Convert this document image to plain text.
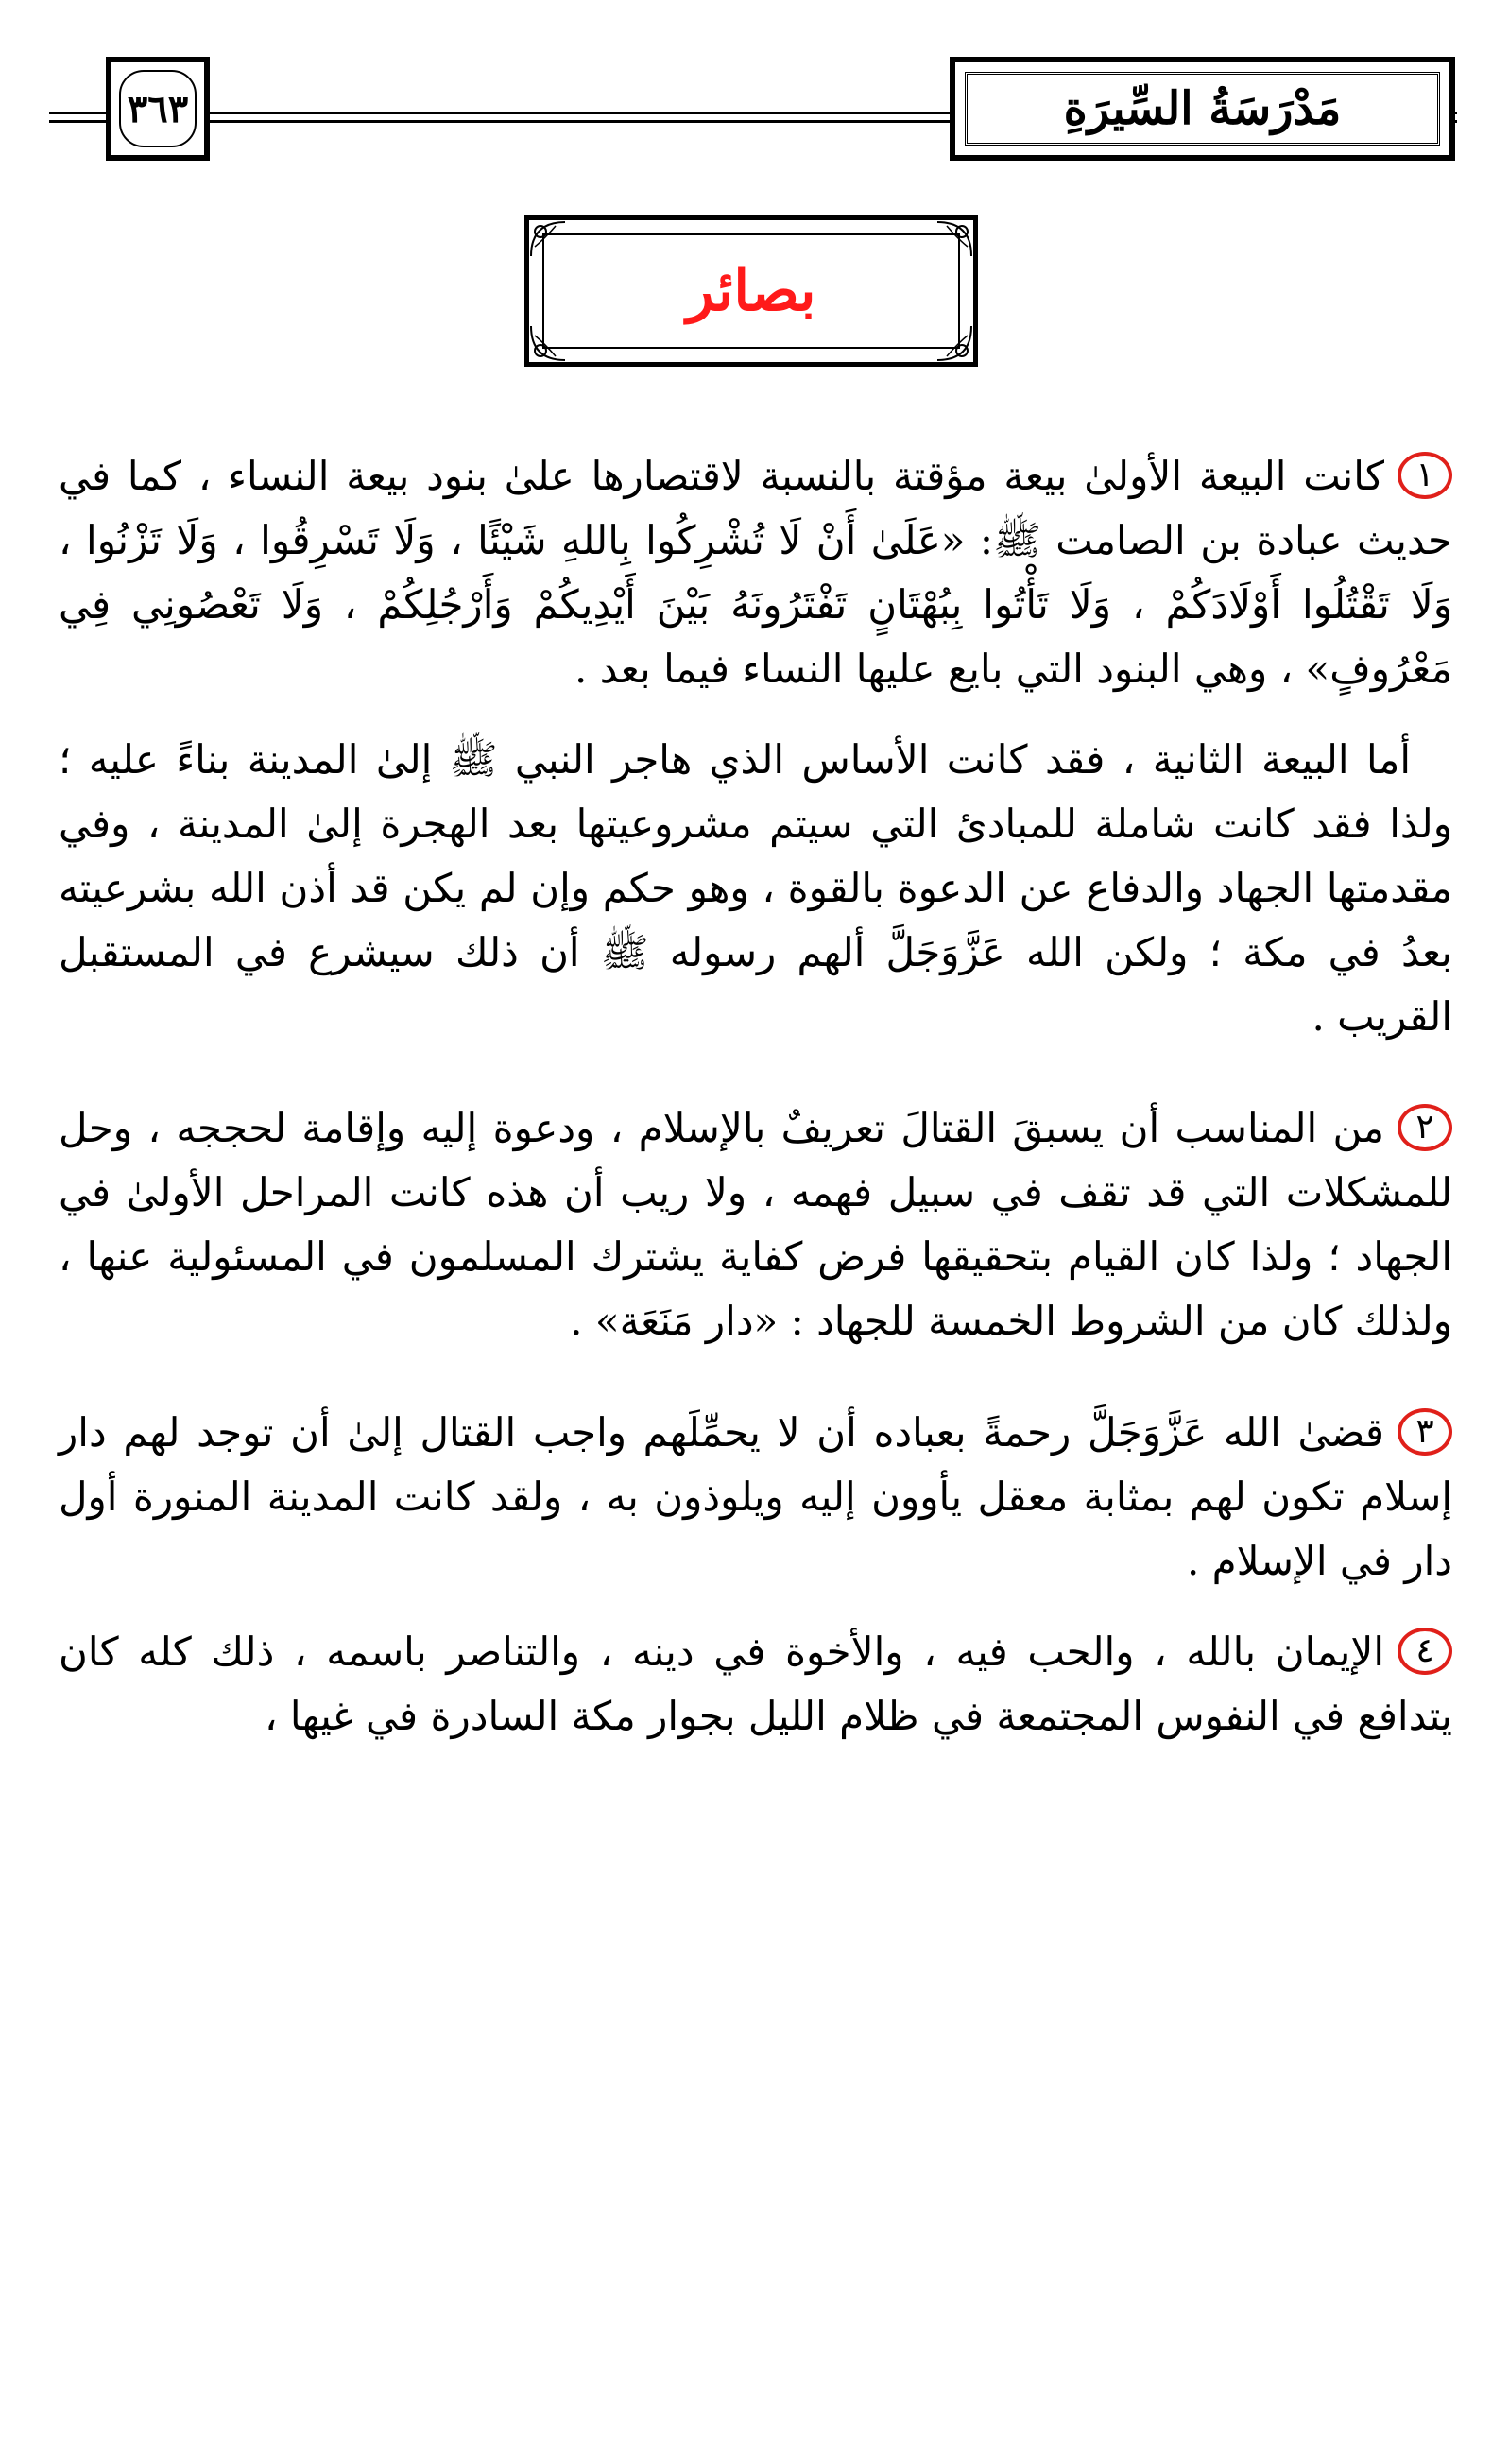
٣٦٣	مَدْرَسَةُ السِّيرَةِ
بصائر

١كانت البيعة الأولىٰ بيعة مؤقتة بالنسبة لاقتصارها علىٰ بنود بيعة النساء ، كما في حديث عبادة بن الصامت ﷺ: «عَلَىٰ أَنْ لَا تُشْرِكُوا بِاللهِ شَيْئًا ، وَلَا تَسْرِقُوا ، وَلَا تَزْنُوا ، وَلَا تَقْتُلُوا أَوْلَادَكُمْ ، وَلَا تَأْتُوا بِبُهْتَانٍ تَفْتَرُونَهُ بَيْنَ أَيْدِيكُمْ وَأَرْجُلِكُمْ ، وَلَا تَعْصُونِي فِي مَعْرُوفٍ» ، وهي البنود التي بايع عليها النساء فيما بعد .

أما البيعة الثانية ، فقد كانت الأساس الذي هاجر النبي ﷺ إلىٰ المدينة بناءً عليه ؛ ولذا فقد كانت شاملة للمبادئ التي سيتم مشروعيتها بعد الهجرة إلىٰ المدينة ، وفي مقدمتها الجهاد والدفاع عن الدعوة بالقوة ، وهو حكم وإن لم يكن قد أذن الله بشرعيته بعدُ في مكة ؛ ولكن الله عَزَّوَجَلَّ ألهم رسوله ﷺ أن ذلك سيشرع في المستقبل القريب .

٢من المناسب أن يسبقَ القتالَ تعريفٌ بالإسلام ، ودعوة إليه وإقامة لحججه ، وحل للمشكلات التي قد تقف في سبيل فهمه ، ولا ريب أن هذه كانت المراحل الأولىٰ في الجهاد ؛ ولذا كان القيام بتحقيقها فرض كفاية يشترك المسلمون في المسئولية عنها ، ولذلك كان من الشروط الخمسة للجهاد : «دار مَنَعَة» .

٣قضىٰ الله عَزَّوَجَلَّ رحمةً بعباده أن لا يحمِّلَهم واجب القتال إلىٰ أن توجد لهم دار إسلام تكون لهم بمثابة معقل يأوون إليه ويلوذون به ، ولقد كانت المدينة المنورة أول دار في الإسلام .

٤الإيمان بالله ، والحب فيه ، والأخوة في دينه ، والتناصر باسمه ، ذلك كله كان يتدافع في النفوس المجتمعة في ظلام الليل بجوار مكة السادرة في غيها ،
